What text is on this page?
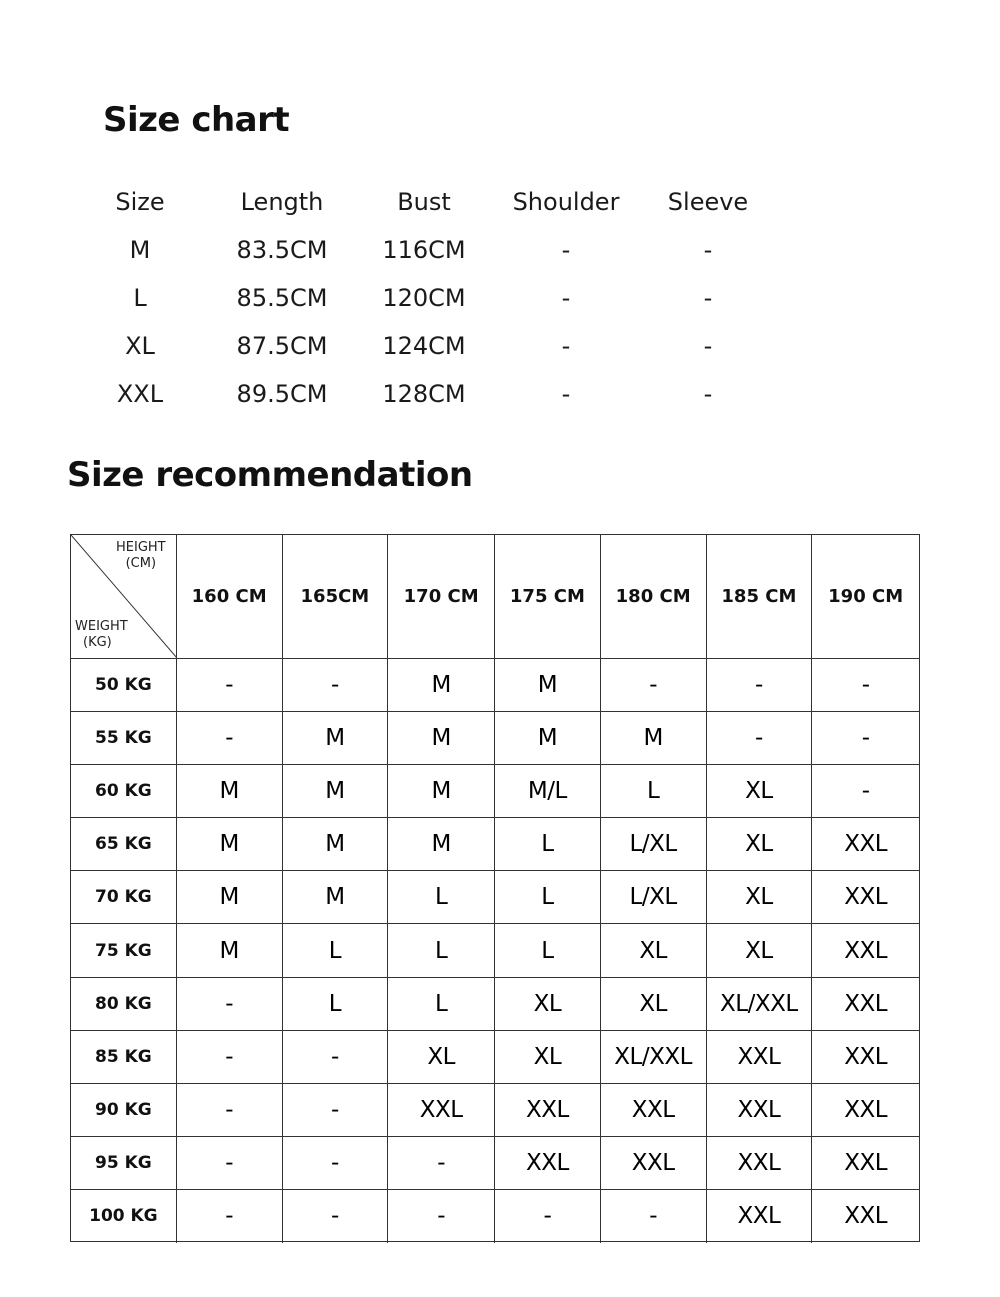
Size chart
Size	Length	Bust	Shoulder	Sleeve
M	83.5CM	116CM	-	-
L	85.5CM	120CM	-	-
XL	87.5CM	124CM	-	-
XXL	89.5CM	128CM	-	-
Size recommendation
HEIGHT
(CM)
WEIGHT
(KG)
160 CM	165CM	170 CM	175 CM	180 CM	185 CM	190 CM
50 KG	-	-	M	M	-	-	-
55 KG	-	M	M	M	M	-	-
60 KG	M	M	M	M/L	L	XL	-
65 KG	M	M	M	L	L/XL	XL	XXL
70 KG	M	M	L	L	L/XL	XL	XXL
75 KG	M	L	L	L	XL	XL	XXL
80 KG	-	L	L	XL	XL	XL/XXL	XXL
85 KG	-	-	XL	XL	XL/XXL	XXL	XXL
90 KG	-	-	XXL	XXL	XXL	XXL	XXL
95 KG	-	-	-	XXL	XXL	XXL	XXL
100 KG	-	-	-	-	-	XXL	XXL
